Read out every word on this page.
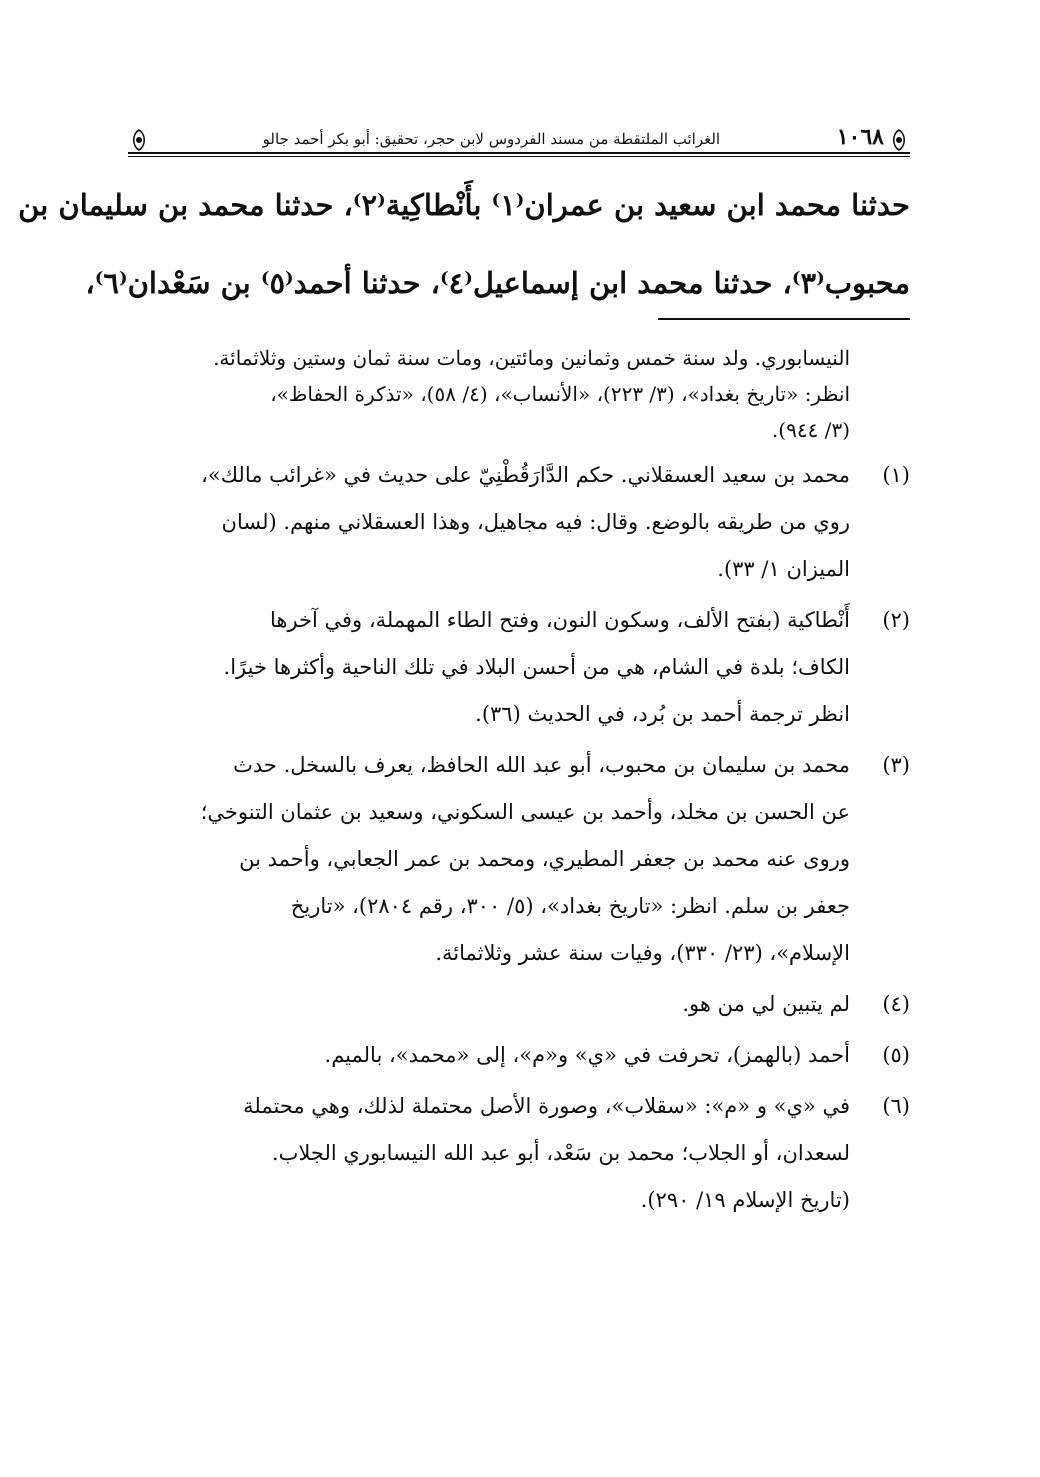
١٠٦٨
الغرائب الملتقطة من مسند الفردوس لابن حجر، تحقيق: أبو بكر أحمد جالو
حدثنا محمد ابن سعيد بن عمران⁽١⁾ بأَنْطاكِية⁽٢⁾، حدثنا محمد بن سليمان بن
محبوب⁽٣⁾، حدثنا محمد ابن إسماعيل⁽٤⁾، حدثنا أحمد⁽٥⁾ بن سَعْدان⁽٦⁾،
النيسابوري. ولد سنة خمس وثمانين ومائتين، ومات سنة ثمان وستين وثلاثمائة.
انظر: «تاريخ بغداد»، (٣/ ٢٢٣)، «الأنساب»، (٤/ ٥٨)، «تذكرة الحفاظ»،
(٣/ ٩٤٤).
(١)
محمد بن سعيد العسقلاني. حكم الدَّارَقُطْنِيّ على حديث في «غرائب مالك»،
روي من طريقه بالوضع. وقال: فيه مجاهيل، وهذا العسقلاني منهم. (لسان
الميزان ١/ ٣٣).
(٢)
أَنْطاكية (بفتح الألف، وسكون النون، وفتح الطاء المهملة، وفي آخرها
الكاف؛ بلدة في الشام، هي من أحسن البلاد في تلك الناحية وأكثرها خيرًا.
انظر ترجمة أحمد بن بُرد، في الحديث (٣٦).
(٣)
محمد بن سليمان بن محبوب، أبو عبد الله الحافظ، يعرف بالسخل. حدث
عن الحسن بن مخلد، وأحمد بن عيسى السكوني، وسعيد بن عثمان التنوخي؛
وروى عنه محمد بن جعفر المطيري، ومحمد بن عمر الجعابي، وأحمد بن
جعفر بن سلم. انظر: «تاريخ بغداد»، (٥/ ٣٠٠، رقم ٢٨٠٤)، «تاريخ
الإسلام»، (٢٣/ ٣٣٠)، وفيات سنة عشر وثلاثمائة.
(٤)
لم يتبين لي من هو.
(٥)
أحمد (بالهمز)، تحرفت في «ي» و«م»، إلى «محمد»، بالميم.
(٦)
في «ي» و «م»: «سقلاب»، وصورة الأصل محتملة لذلك، وهي محتملة
لسعدان، أو الجلاب؛ محمد بن سَعْد، أبو عبد الله النيسابوري الجلاب.
(تاريخ الإسلام ١٩/ ٢٩٠).
